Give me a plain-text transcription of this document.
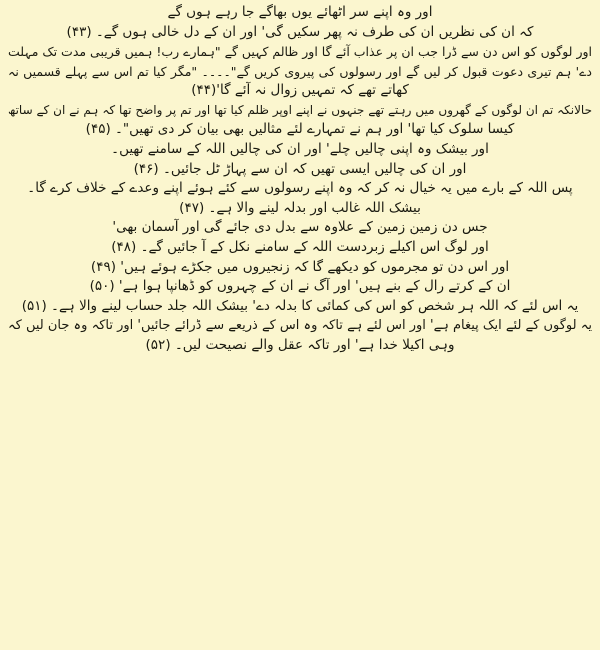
اور وہ اپنے سر اٹھائے یوں بھاگے جا رہے ہوں گے
کہ ان کی نظریں ان کی طرف نہ پھر سکیں گی' اور ان کے دل خالی ہوں گے۔ (۴۳)
اور لوگوں کو اس دن سے ڈرا جب ان پر عذاب آئے گا اور ظالم کہیں گے "ہمارے رب! ہمیں قریبی مدت تک مہلت
دے' ہم تیری دعوت قبول کر لیں گے اور رسولوں کی پیروی کریں گے"۔۔۔۔ "مگر کیا تم اس سے پہلے قسمیں نہ
کھاتے تھے کہ تمہیں زوال نہ آئے گا'(۴۴)
حالانکہ تم ان لوگوں کے گھروں میں رہتے تھے جنہوں نے اپنے اوپر ظلم کیا تھا اور تم پر واضح تھا کہ ہم نے ان کے ساتھ
کیسا سلوک کیا تھا' اور ہم نے تمہارے لئے مثالیں بھی بیان کر دی تھیں"۔ (۴۵)
اور بیشک وہ اپنی چالیں چلے' اور ان کی چالیں اللہ کے سامنے تھیں۔
اور ان کی چالیں ایسی تھیں کہ ان سے پہاڑ ٹل جائیں۔ (۴۶)
پس اللہ کے بارے میں یہ خیال نہ کر کہ وہ اپنے رسولوں سے کئے ہوئے اپنے وعدے کے خلاف کرے گا۔
بیشک اللہ غالب اور بدلہ لینے والا ہے۔ (۴۷)
جس دن زمین زمین کے علاوہ سے بدل دی جائے گی اور آسمان بھی'
اور لوگ اس اکیلے زبردست اللہ کے سامنے نکل کے آ جائیں گے۔ (۴۸)
اور اس دن تو مجرموں کو دیکھے گا کہ زنجیروں میں جکڑے ہوئے ہیں' (۴۹)
ان کے کرتے رال کے بنے ہیں' اور آگ نے ان کے چہروں کو ڈھانپا ہوا ہے' (۵۰)
یہ اس لئے کہ اللہ ہر شخص کو اس کی کمائی کا بدلہ دے' بیشک اللہ جلد حساب لینے والا ہے۔ (۵۱)
یہ لوگوں کے لئے ایک پیغام ہے' اور اس لئے ہے تاکہ وہ اس کے ذریعے سے ڈرائے جائیں' اور تاکہ وہ جان لیں کہ
وہی اکیلا خدا ہے' اور تاکہ عقل والے نصیحت لیں۔ (۵۲)
